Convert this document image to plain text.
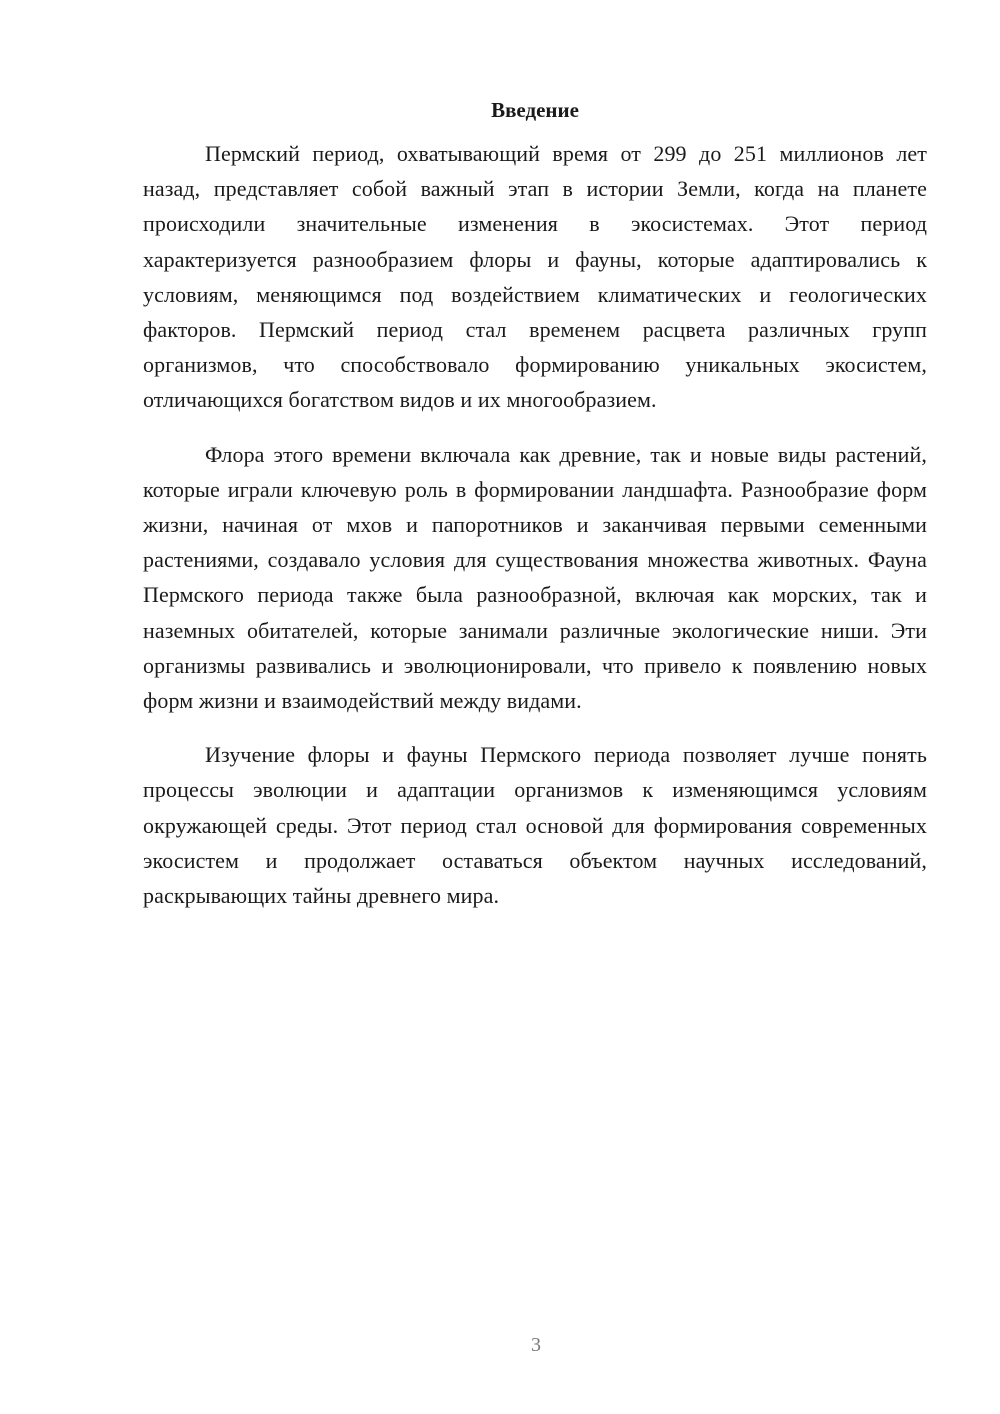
Введение

Пермский период, охватывающий время от 299 до 251 миллионов лет назад, представляет собой важный этап в истории Земли, когда на планете происходили значительные изменения в экосистемах. Этот период характеризуется разнообразием флоры и фауны, которые адаптировались к условиям, меняющимся под воздействием климатических и геологических факторов. Пермский период стал временем расцвета различных групп организмов, что способствовало формированию уникальных экосистем, отличающихся богатством видов и их многообразием.

Флора этого времени включала как древние, так и новые виды растений, которые играли ключевую роль в формировании ландшафта. Разнообразие форм жизни, начиная от мхов и папоротников и заканчивая первыми семенными растениями, создавало условия для существования множества животных. Фауна Пермского периода также была разнообразной, включая как морских, так и наземных обитателей, которые занимали различные экологические ниши. Эти организмы развивались и эволюционировали, что привело к появлению новых форм жизни и взаимодействий между видами.

Изучение флоры и фауны Пермского периода позволяет лучше понять процессы эволюции и адаптации организмов к изменяющимся условиям окружающей среды. Этот период стал основой для формирования современных экосистем и продолжает оставаться объектом научных исследований, раскрывающих тайны древнего мира.

3
